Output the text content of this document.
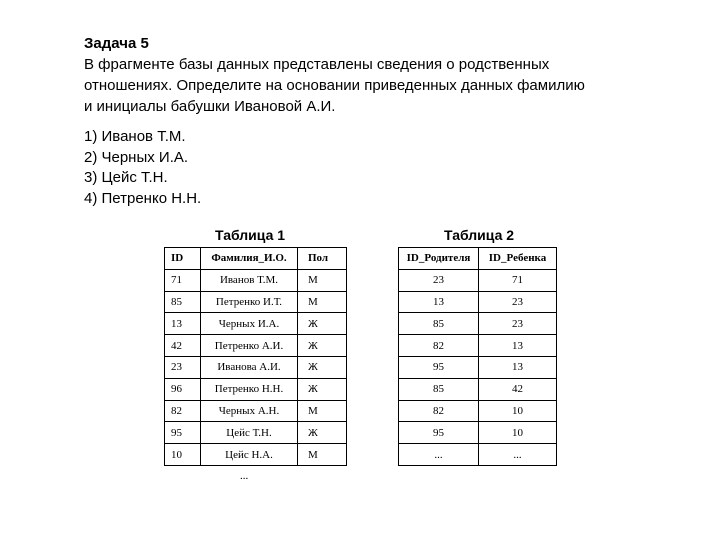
Задача 5
В фрагменте базы данных представлены сведения о родственных
отношениях. Определите на основании приведенных данных фамилию
и инициалы бабушки Ивановой А.И.
1) Иванов Т.М.
2) Черных И.А.
3) Цейс Т.Н.
4) Петренко Н.Н.
Таблица 1	Таблица 2
ID	Фамилия_И.О.	Пол
71	Иванов Т.М.	М
85	Петренко И.Т.	М
13	Черных И.А.	Ж
42	Петренко А.И.	Ж
23	Иванова А.И.	Ж
96	Петренко Н.Н.	Ж
82	Черных А.Н.	М
95	Цейс Т.Н.	Ж
10	Цейс Н.А.	М
...
ID_Родителя	ID_Ребенка
23	71
13	23
85	23
82	13
95	13
85	42
82	10
95	10
...	...
